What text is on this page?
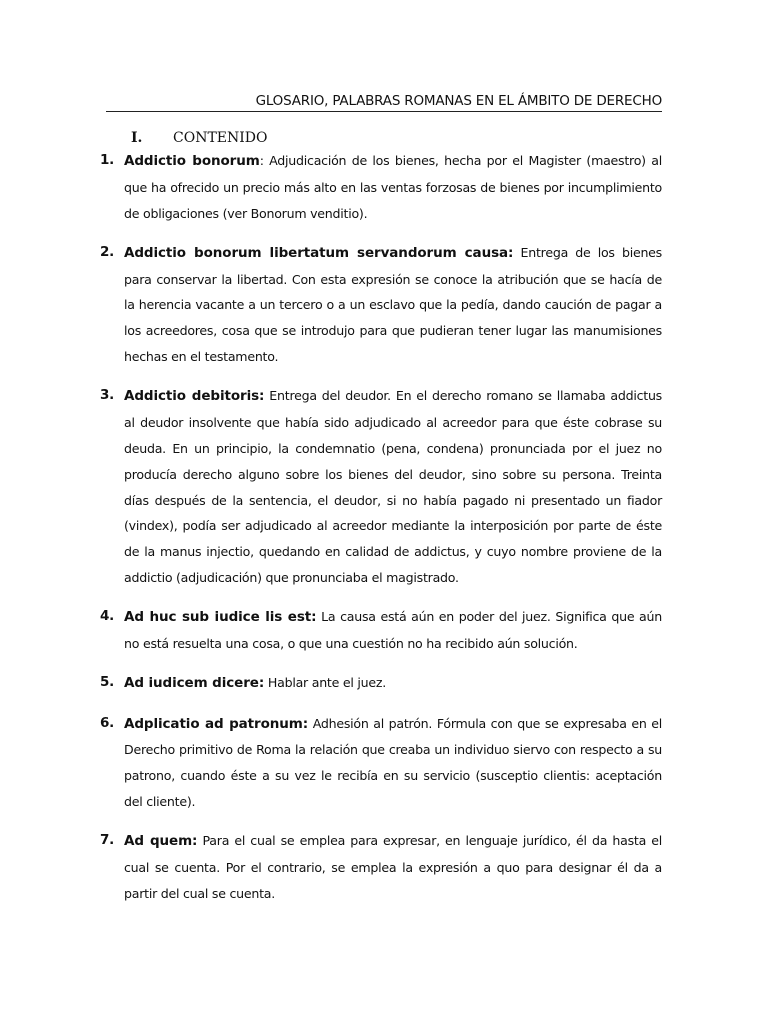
GLOSARIO, PALABRAS ROMANAS EN EL ÁMBITO DE DERECHO
I. CONTENIDO
1. Addictio bonorum: Adjudicación de los bienes, hecha por el Magister (maestro) al que ha ofrecido un precio más alto en las ventas forzosas de bienes por incumplimiento de obligaciones (ver Bonorum venditio).
2. Addictio bonorum libertatum servandorum causa: Entrega de los bienes para conservar la libertad. Con esta expresión se conoce la atribución que se hacía de la herencia vacante a un tercero o a un esclavo que la pedía, dando caución de pagar a los acreedores, cosa que se introdujo para que pudieran tener lugar las manumisiones hechas en el testamento.
3. Addictio debitoris: Entrega del deudor. En el derecho romano se llamaba addictus al deudor insolvente que había sido adjudicado al acreedor para que éste cobrase su deuda. En un principio, la condemnatio (pena, condena) pronunciada por el juez no producía derecho alguno sobre los bienes del deudor, sino sobre su persona. Treinta días después de la sentencia, el deudor, si no había pagado ni presentado un fiador (vindex), podía ser adjudicado al acreedor mediante la interposición por parte de éste de la manus injectio, quedando en calidad de addictus, y cuyo nombre proviene de la addictio (adjudicación) que pronunciaba el magistrado.
4. Ad huc sub iudice lis est: La causa está aún en poder del juez. Significa que aún no está resuelta una cosa, o que una cuestión no ha recibido aún solución.
5. Ad iudicem dicere: Hablar ante el juez.
6. Adplicatio ad patronum: Adhesión al patrón. Fórmula con que se expresaba en el Derecho primitivo de Roma la relación que creaba un individuo siervo con respecto a su patrono, cuando éste a su vez le recibía en su servicio (susceptio clientis: aceptación del cliente).
7. Ad quem: Para el cual se emplea para expresar, en lenguaje jurídico, él da hasta el cual se cuenta. Por el contrario, se emplea la expresión a quo para designar él da a partir del cual se cuenta.
